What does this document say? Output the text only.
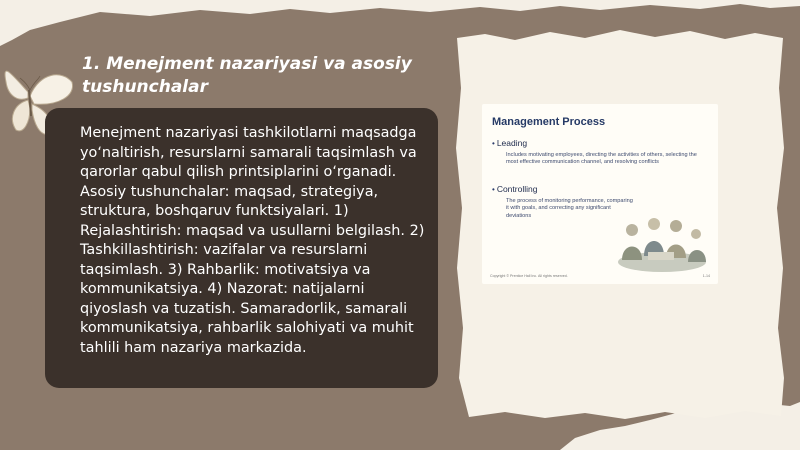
1. Menejment nazariyasi va asosiy tushunchalar

Menejment nazariyasi tashkilotlarni maqsadga yo‘naltirish, resurslarni samarali taqsimlash va qarorlar qabul qilish printsiplarini o‘rganadi. Asosiy tushunchalar: maqsad, strategiya, struktura, boshqaruv funktsiyalari. 1) Rejalashtirish: maqsad va usullarni belgilash. 2) Tashkillashtirish: vazifalar va resurslarni taqsimlash. 3) Rahbarlik: motivatsiya va kommunikatsiya. 4) Nazorat: natijalarni qiyoslash va tuzatish. Samaradorlik, samarali kommunikatsiya, rahbarlik salohiyati va muhit tahlili ham nazariya markazida.

Management Process

• Leading
Includes motivating employees, directing the activities of others, selecting the most effective communication channel, and resolving conflicts
• Controlling
The process of monitoring performance, comparing it with goals, and correcting any significant deviations
Copyright © Prentice Hall Inc. All rights reserved.	1-14
